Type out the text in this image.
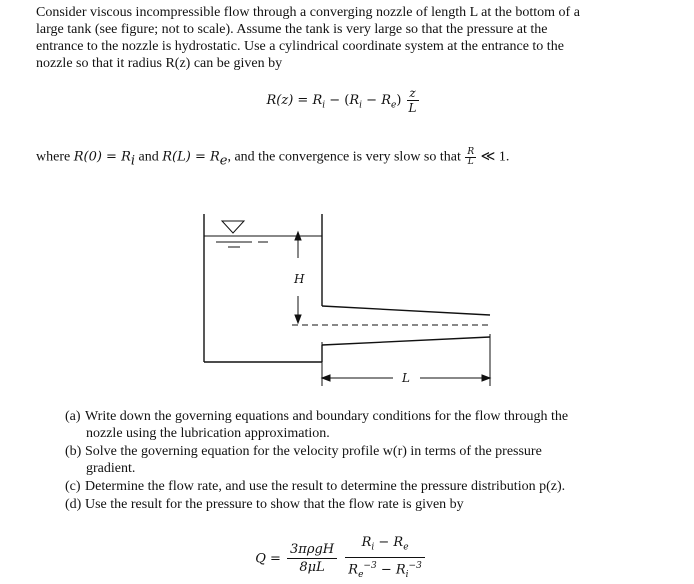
Consider viscous incompressible flow through a converging nozzle of length L at the bottom of a
large tank (see figure; not to scale). Assume the tank is very large so that the pressure at the
entrance to the nozzle is hydrostatic. Use a cylindrical coordinate system at the entrance to the
nozzle so that it radius R(z) can be given by
$R(z) = R_i - (R_i - R_e) \frac{z}{L}$
where $R(0) = R_i$ and $R(L) = R_e$, and the convergence is very slow so that $\frac{R}{L}$ ≪ 1.
H
L
(a) Write down the governing equations and boundary conditions for the flow through the
nozzle using the lubrication approximation.
(b) Solve the governing equation for the velocity profile w(r) in terms of the pressure
gradient.
(c) Determine the flow rate, and use the result to determine the pressure distribution p(z).
(d) Use the result for the pressure to show that the flow rate is given by
$Q = \frac{\text{3πρgH}}{8\mu L}$
$\frac{R_i - R_e}{R_e^{-3} - R_i^{-3}}$
